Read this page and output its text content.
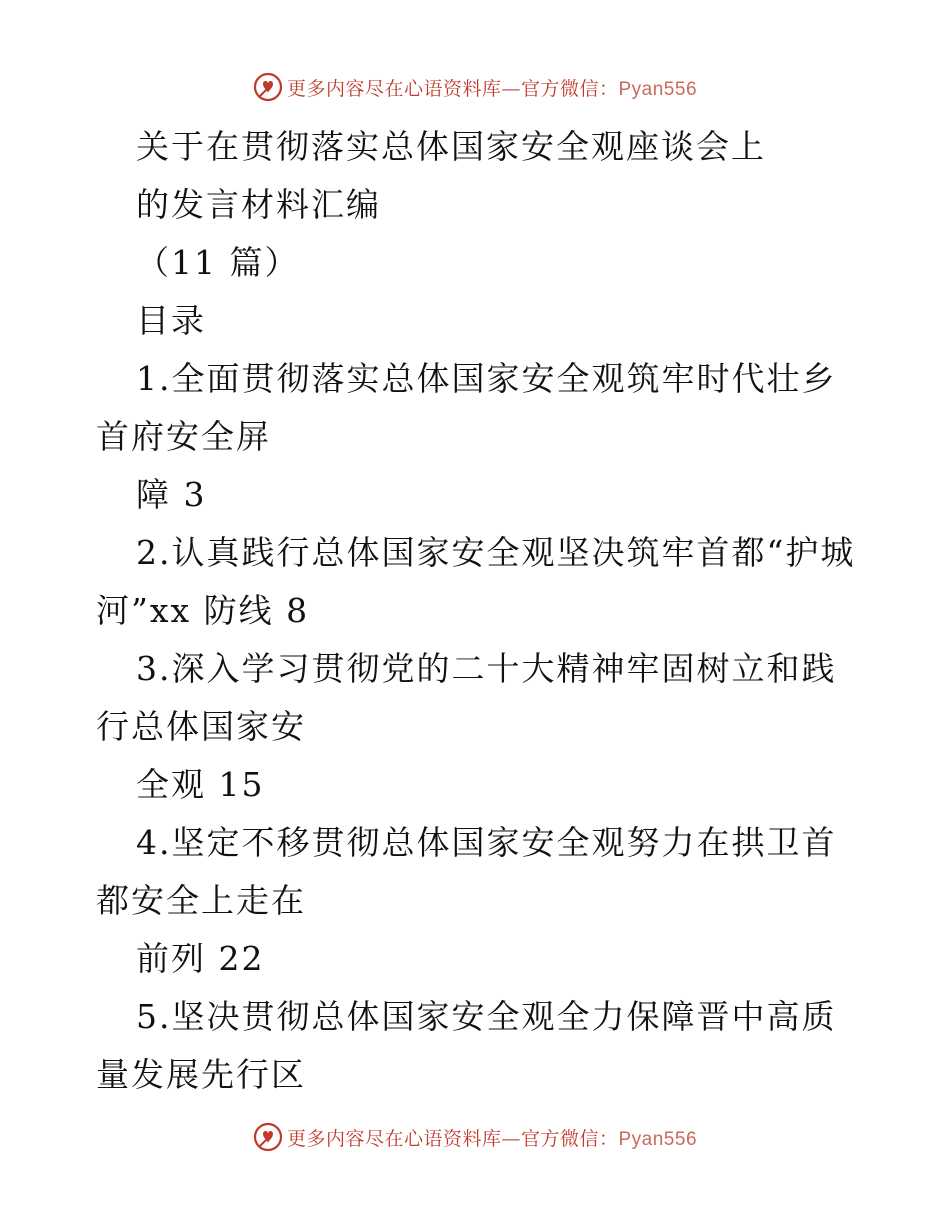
更多内容尽在心语资料库—官方微信：Pyan556
关于在贯彻落实总体国家安全观座谈会上
的发言材料汇编
（11 篇）
目录
1.全面贯彻落实总体国家安全观筑牢时代壮乡首府安全屏
障 3
2.认真践行总体国家安全观坚决筑牢首都“护城河”xx 防线 8
3.深入学习贯彻党的二十大精神牢固树立和践行总体国家安
全观 15
4.坚定不移贯彻总体国家安全观努力在拱卫首都安全上走在
前列 22
5.坚决贯彻总体国家安全观全力保障晋中高质量发展先行区
更多内容尽在心语资料库—官方微信：Pyan556
